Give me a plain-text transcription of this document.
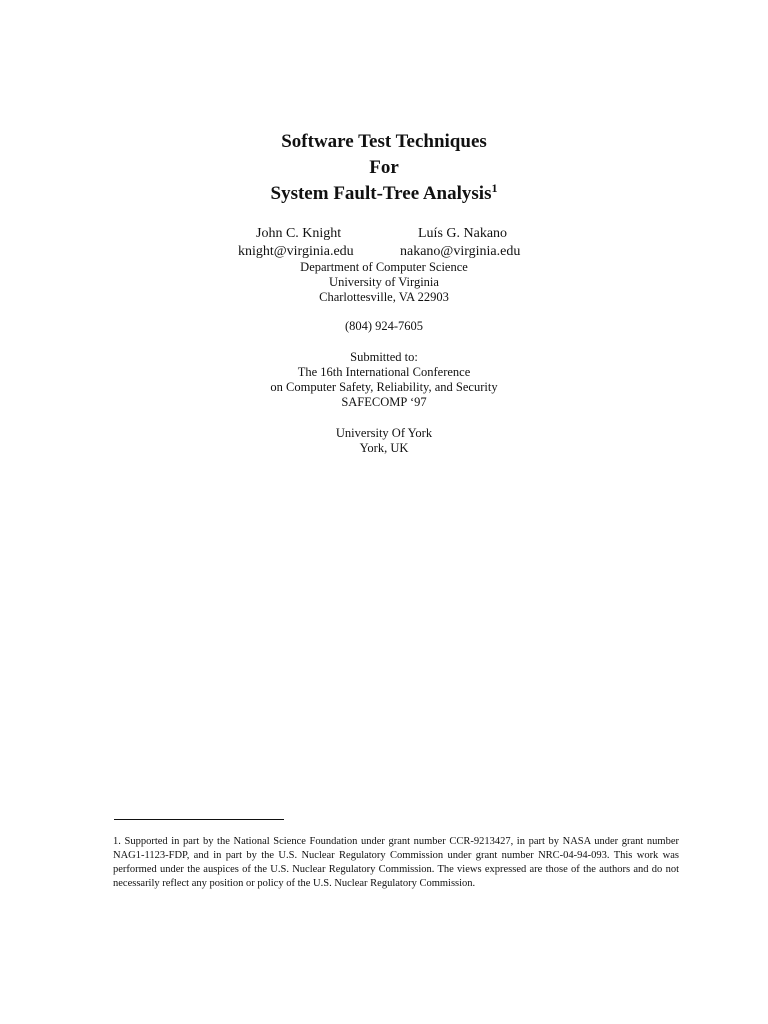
Software Test Techniques
For
System Fault-Tree Analysis$^1$
John C. Knight	Luís G. Nakano
knight@virginia.edu	nakano@virginia.edu
Department of Computer Science
University of Virginia
Charlottesville, VA 22903
(804) 924-7605
Submitted to:
The 16th International Conference
on Computer Safety, Reliability, and Security
SAFECOMP ‘97
University Of York
York, UK
1. Supported in part by the National Science Foundation under grant number CCR-9213427, in part by NASA under grant number NAG1-1123-FDP, and in part by the U.S. Nuclear Regulatory Commission under grant number NRC-04-94-093. This work was performed under the auspices of the U.S. Nuclear Regulatory Commission. The views expressed are those of the authors and do not necessarily reflect any position or policy of the U.S. Nuclear Regulatory Commission.
